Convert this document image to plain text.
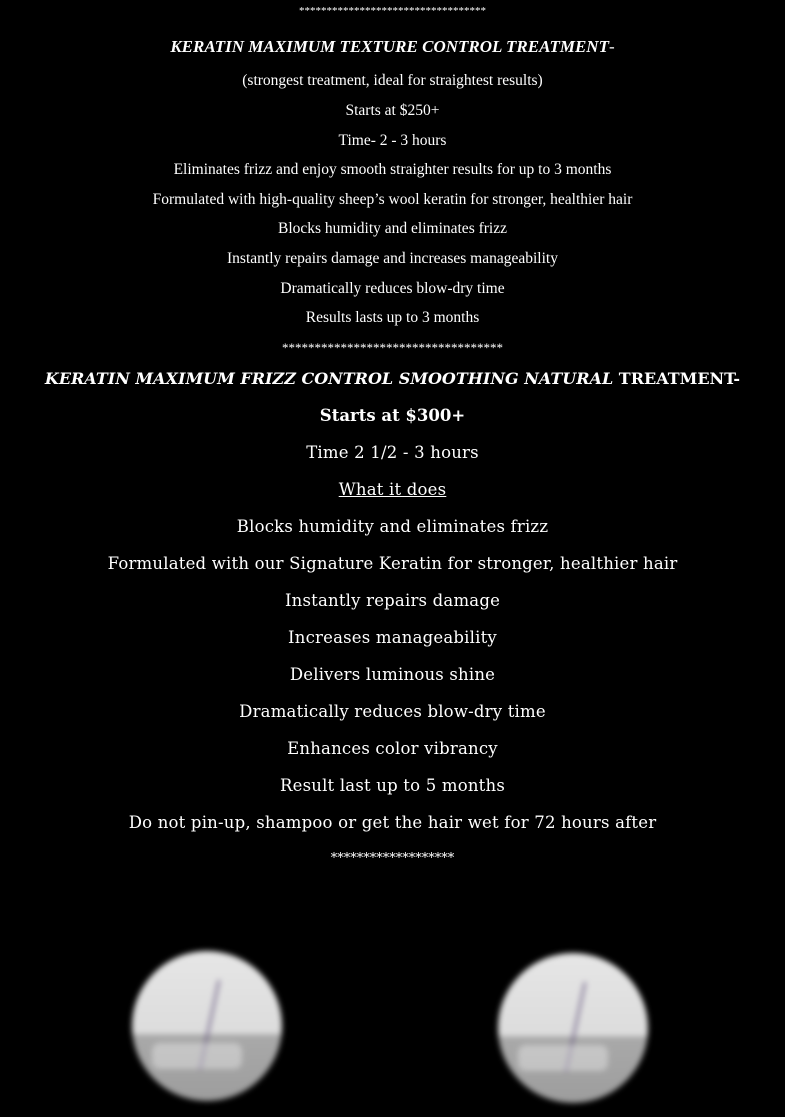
**********************************
KERATIN MAXIMUM TEXTURE CONTROL TREATMENT-
(strongest treatment, ideal for straightest results)
Starts at $250+
Time- 2 - 3 hours
Eliminates frizz and enjoy smooth straighter results for up to 3 months
Formulated with high-quality sheep’s wool keratin for stronger, healthier hair
Blocks humidity and eliminates frizz
Instantly repairs damage and increases manageability
Dramatically reduces blow-dry time
Results lasts up to 3 months
**********************************
KERATIN MAXIMUM FRIZZ CONTROL SMOOTHING NATURAL TREATMENT-
Starts at $300+
Time 2 1/2 - 3 hours
What it does
Blocks humidity and eliminates frizz
Formulated with our Signature Keratin for stronger, healthier hair
Instantly repairs damage
Increases manageability
Delivers luminous shine
Dramatically reduces blow-dry time
Enhances color vibrancy
Result last up to 5 months
Do not pin-up, shampoo or get the hair wet for 72 hours after
*******************
